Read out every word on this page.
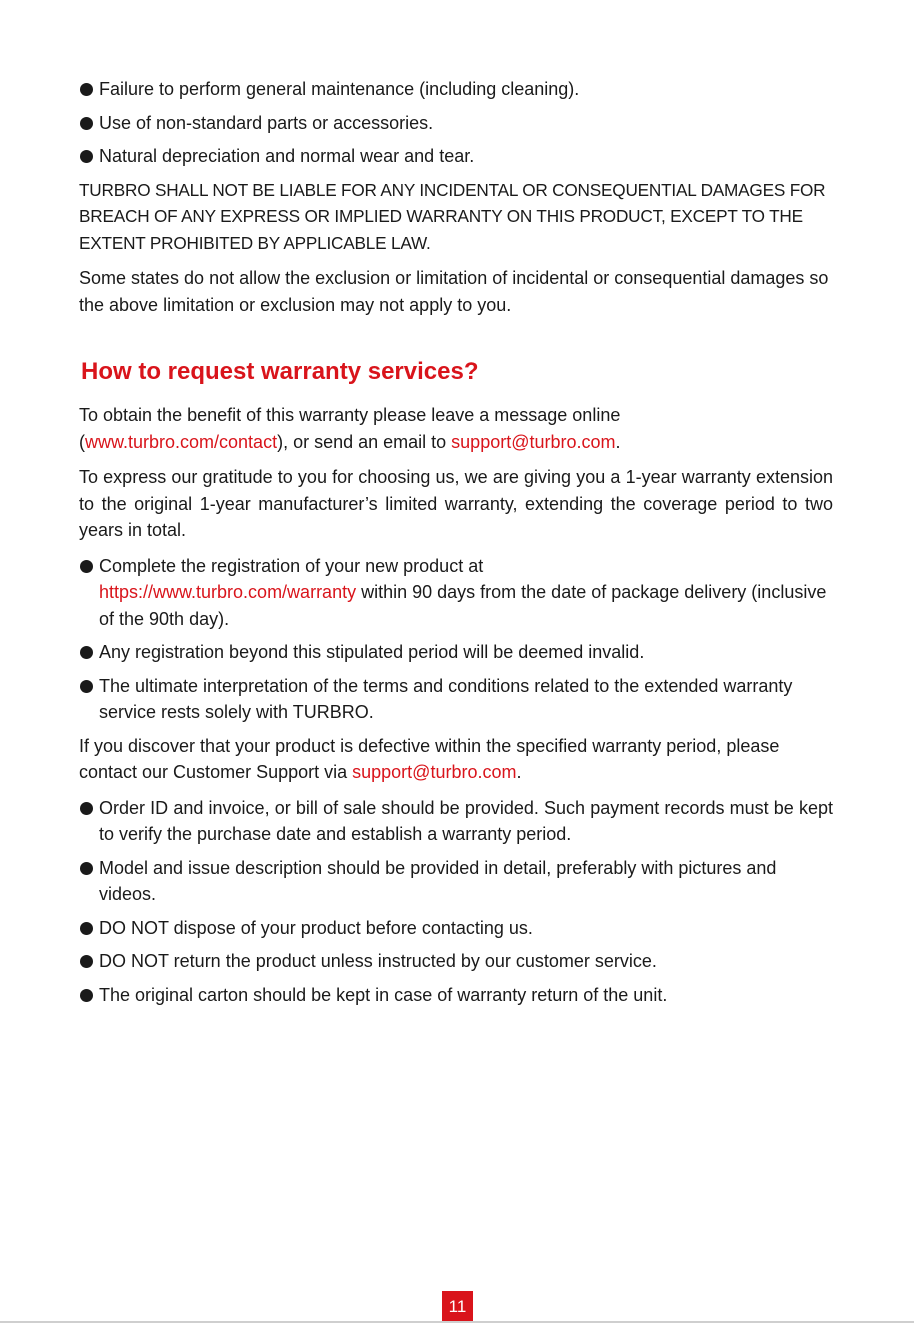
Failure to perform general maintenance (including cleaning).
Use of non-standard parts or accessories.
Natural depreciation and normal wear and tear.

TURBRO SHALL NOT BE LIABLE FOR ANY INCIDENTAL OR CONSEQUENTIAL DAMAGES FOR BREACH OF ANY EXPRESS OR IMPLIED WARRANTY ON THIS PRODUCT, EXCEPT TO THE EXTENT PROHIBITED BY APPLICABLE LAW.

Some states do not allow the exclusion or limitation of incidental or consequential damages so the above limitation or exclusion may not apply to you.

How to request warranty services?

To obtain the benefit of this warranty please leave a message online
(www.turbro.com/contact), or send an email to support@turbro.com.

To express our gratitude to you for choosing us, we are giving you a 1-year warranty extension to the original 1-year manufacturer’s limited warranty, extending the coverage period to two years in total.

Complete the registration of your new product at
https://www.turbro.com/warranty within 90 days from the date of package delivery (inclusive of the 90th day).
Any registration beyond this stipulated period will be deemed invalid.
The ultimate interpretation of the terms and conditions related to the extended warranty service rests solely with TURBRO.

If you discover that your product is defective within the specified warranty period, please contact our Customer Support via support@turbro.com.

Order ID and invoice, or bill of sale should be provided. Such payment records must be kept to verify the purchase date and establish a warranty period.
Model and issue description should be provided in detail, preferably with pictures and videos.
DO NOT dispose of your product before contacting us.
DO NOT return the product unless instructed by our customer service.
The original carton should be kept in case of warranty return of the unit.
11
